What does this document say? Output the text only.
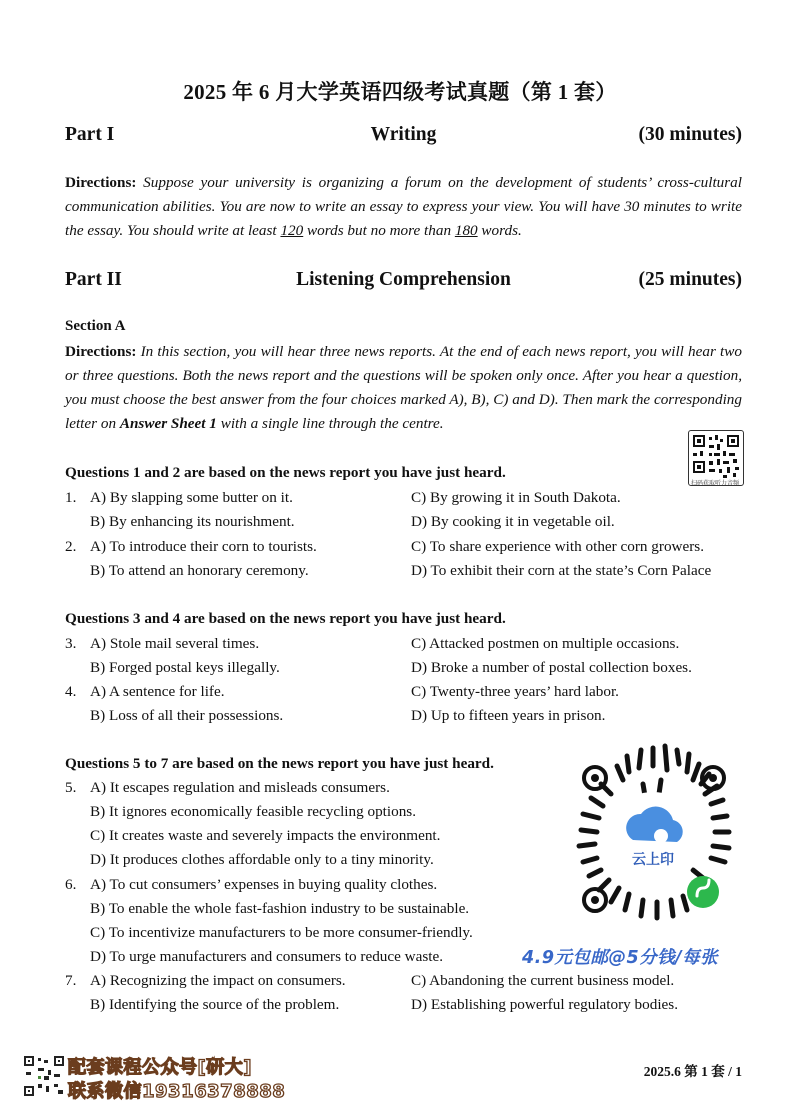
2025 年 6 月大学英语四级考试真题（第 1 套）
Part I	Writing	(30 minutes)
Directions: Suppose your university is organizing a forum on the development of students’ cross-cultural communication abilities. You are now to write an essay to express your view. You will have 30 minutes to write the essay. You should write at least 120 words but no more than 180 words.
Part II	Listening Comprehension	(25 minutes)
Section A
Directions: In this section, you will hear three news reports. At the end of each news report, you will hear two or three questions. Both the news report and the questions will be spoken only once. After you hear a question, you must choose the best answer from the four choices marked A), B), C) and D). Then mark the corresponding letter on Answer Sheet 1 with a single line through the centre.
扫码获取听力音频
Questions 1 and 2 are based on the news report you have just heard.
1. A) By slapping some butter on it.	C) By growing it in South Dakota.
B) By enhancing its nourishment.	D) By cooking it in vegetable oil.
2. A) To introduce their corn to tourists.	C) To share experience with other corn growers.
B) To attend an honorary ceremony.	D) To exhibit their corn at the state’s Corn Palace
Questions 3 and 4 are based on the news report you have just heard.
3. A) Stole mail several times.	C) Attacked postmen on multiple occasions.
B) Forged postal keys illegally.	D) Broke a number of postal collection boxes.
4. A) A sentence for life.	C) Twenty-three years’ hard labor.
B) Loss of all their possessions.	D) Up to fifteen years in prison.
Questions 5 to 7 are based on the news report you have just heard.
5. A) It escapes regulation and misleads consumers.
B) It ignores economically feasible recycling options.
C) It creates waste and severely impacts the environment.
D) It produces clothes affordable only to a tiny minority.
6. A) To cut consumers’ expenses in buying quality clothes.
B) To enable the whole fast-fashion industry to be sustainable.
C) To incentivize manufacturers to be more consumer-friendly.
D) To urge manufacturers and consumers to reduce waste.
7. A) Recognizing the impact on consumers.	C) Abandoning the current business model.
B) Identifying the source of the problem.	D) Establishing powerful regulatory bodies.
云上印
4.9元包邮@5分钱/每张
配套课程公众号[研大]
联系微信19316378888
2025.6 第 1 套 / 1
